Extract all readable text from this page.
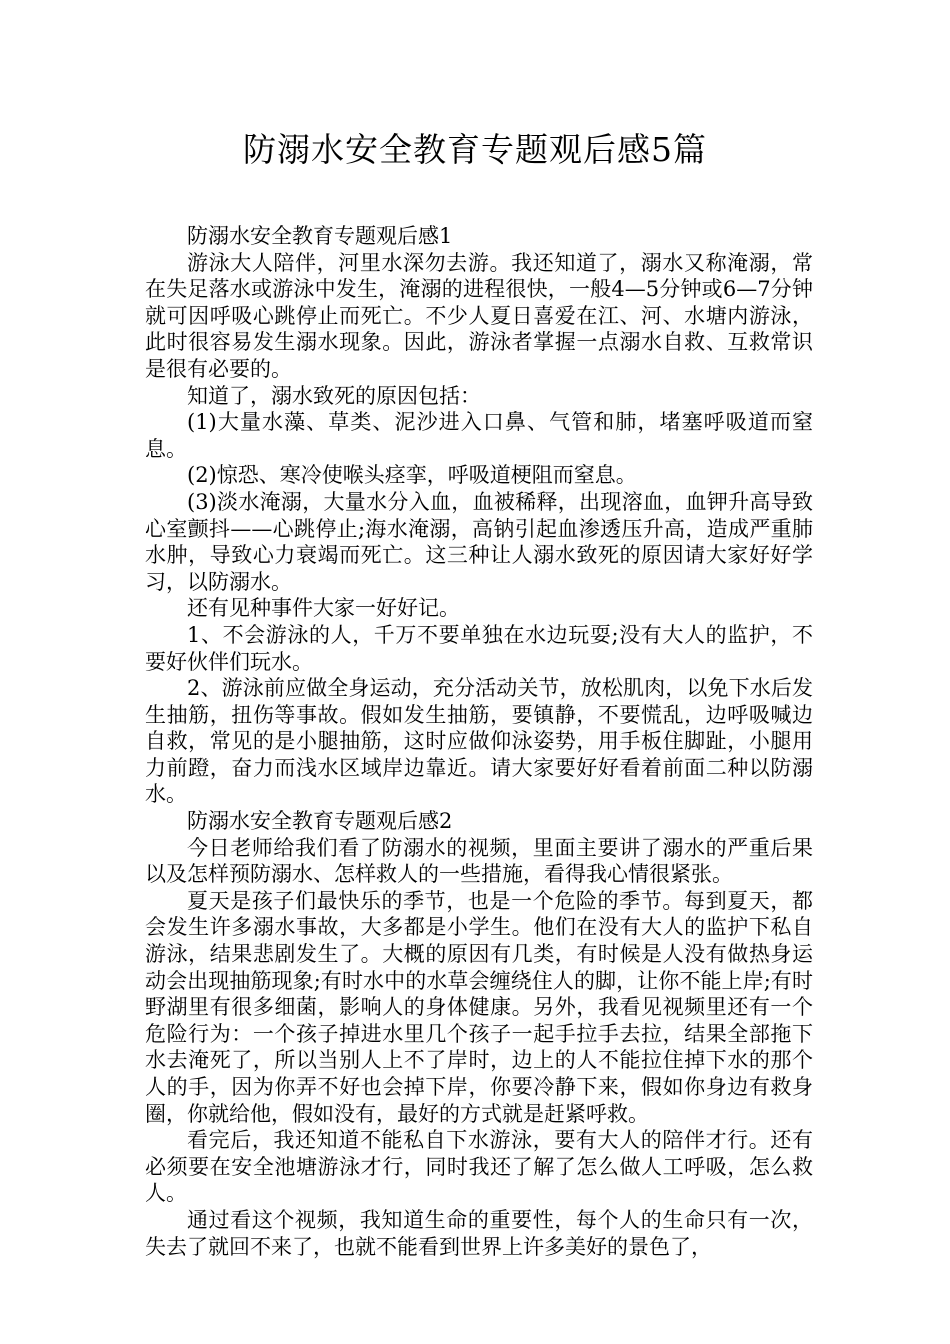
防溺水安全教育专题观后感5篇

防溺水安全教育专题观后感1

游泳大人陪伴，河里水深勿去游。我还知道了，溺水又称淹溺，常在失足落水或游泳中发生，淹溺的进程很快，一般4—5分钟或6—7分钟就可因呼吸心跳停止而死亡。不少人夏日喜爱在江、河、水塘内游泳，此时很容易发生溺水现象。因此，游泳者掌握一点溺水自救、互救常识是很有必要的。

知道了，溺水致死的原因包括：

(1)大量水藻、草类、泥沙进入口鼻、气管和肺，堵塞呼吸道而窒息。

(2)惊恐、寒冷使喉头痉挛，呼吸道梗阻而窒息。

(3)淡水淹溺，大量水分入血，血被稀释，出现溶血，血钾升高导致心室颤抖——心跳停止;海水淹溺，高钠引起血渗透压升高，造成严重肺水肿，导致心力衰竭而死亡。这三种让人溺水致死的原因请大家好好学习，以防溺水。

还有见种事件大家一好好记。

1、不会游泳的人，千万不要单独在水边玩耍;没有大人的监护，不要好伙伴们玩水。

2、游泳前应做全身运动，充分活动关节，放松肌肉，以免下水后发生抽筋，扭伤等事故。假如发生抽筋，要镇静，不要慌乱，边呼吸喊边自救，常见的是小腿抽筋，这时应做仰泳姿势，用手板住脚趾，小腿用力前蹬，奋力而浅水区域岸边靠近。请大家要好好看着前面二种以防溺水。

防溺水安全教育专题观后感2

今日老师给我们看了防溺水的视频，里面主要讲了溺水的严重后果以及怎样预防溺水、怎样救人的一些措施，看得我心情很紧张。

夏天是孩子们最快乐的季节，也是一个危险的季节。每到夏天，都会发生许多溺水事故，大多都是小学生。他们在没有大人的监护下私自游泳，结果悲剧发生了。大概的原因有几类，有时候是人没有做热身运动会出现抽筋现象;有时水中的水草会缠绕住人的脚，让你不能上岸;有时野湖里有很多细菌，影响人的身体健康。另外，我看见视频里还有一个危险行为：一个孩子掉进水里几个孩子一起手拉手去拉，结果全部拖下水去淹死了，所以当别人上不了岸时，边上的人不能拉住掉下水的那个人的手，因为你弄不好也会掉下岸，你要冷静下来，假如你身边有救身圈，你就给他，假如没有，最好的方式就是赶紧呼救。

看完后，我还知道不能私自下水游泳，要有大人的陪伴才行。还有必须要在安全池塘游泳才行，同时我还了解了怎么做人工呼吸，怎么救人。

通过看这个视频，我知道生命的重要性，每个人的生命只有一次，失去了就回不来了，也就不能看到世界上许多美好的景色了，
